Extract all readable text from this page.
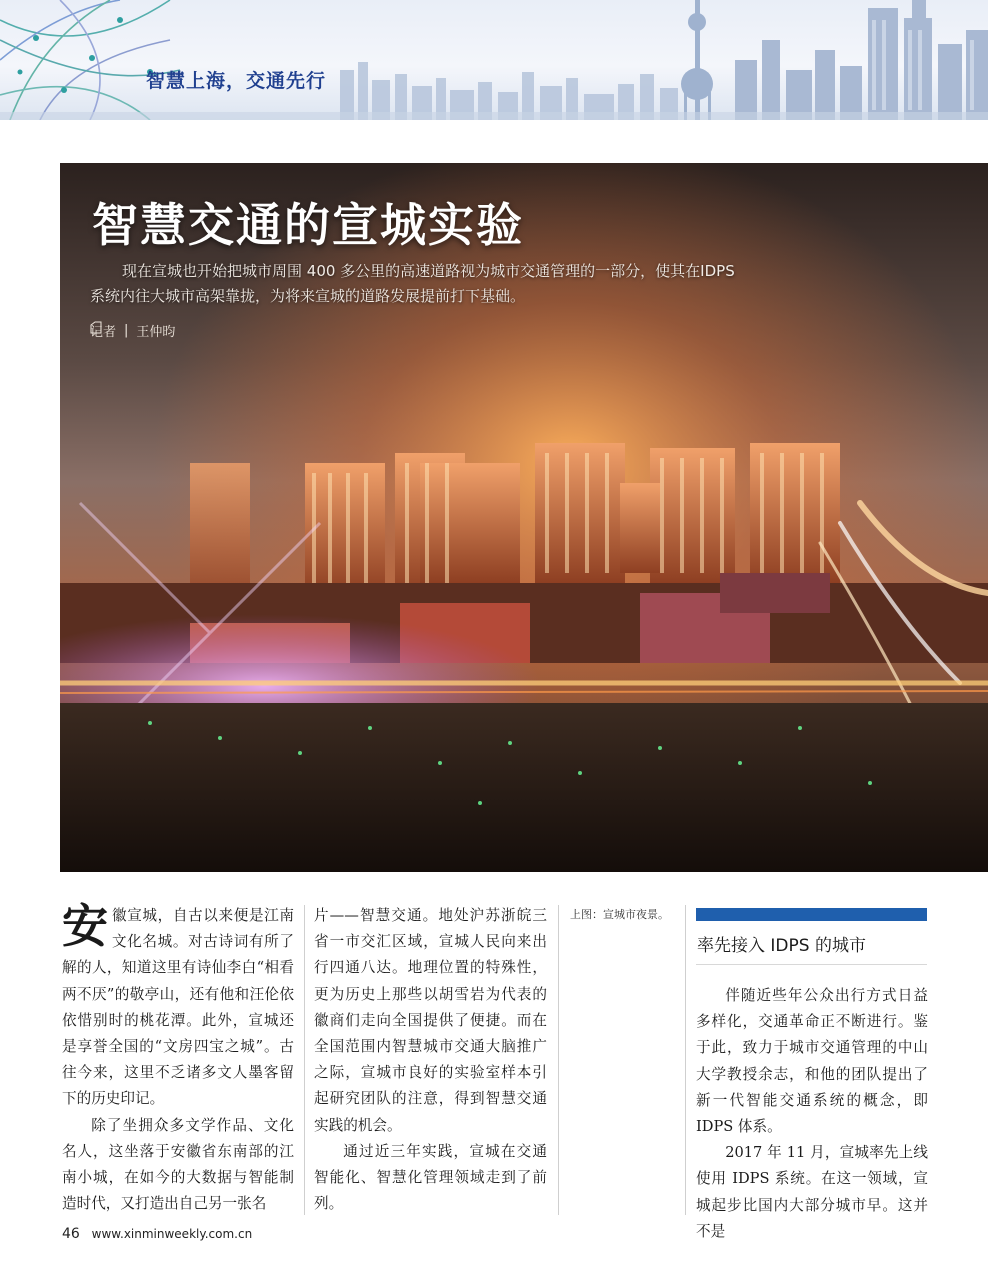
智慧上海，交通先行
智慧交通的宣城实验

现在宣城也开始把城市周围 400 多公里的高速道路视为城市交通管理的一部分，使其在IDPS 系统内往大城市高架靠拢，为将来宣城的道路发展提前打下基础。

记者 | 王仲昀

安徽宣城，自古以来便是江南文化名城。对古诗词有所了解的人，知道这里有诗仙李白“相看两不厌”的敬亭山，还有他和汪伦依依惜别时的桃花潭。此外，宣城还是享誉全国的“文房四宝之城”。古往今来，这里不乏诸多文人墨客留下的历史印记。

除了坐拥众多文学作品、文化名人，这坐落于安徽省东南部的江南小城，在如今的大数据与智能制造时代，又打造出自己另一张名

片——智慧交通。地处沪苏浙皖三省一市交汇区域，宣城人民向来出行四通八达。地理位置的特殊性，更为历史上那些以胡雪岩为代表的徽商们走向全国提供了便捷。而在全国范围内智慧城市交通大脑推广之际，宣城市良好的实验室样本引起研究团队的注意，得到智慧交通实践的机会。

通过近三年实践，宣城在交通智能化、智慧化管理领域走到了前列。

上图：宣城市夜景。
率先接入 IDPS 的城市

伴随近些年公众出行方式日益多样化，交通革命正不断进行。鉴于此，致力于城市交通管理的中山大学教授余志，和他的团队提出了新一代智能交通系统的概念，即IDPS 体系。

2017 年 11 月，宣城率先上线使用 IDPS 系统。在这一领域，宣城起步比国内大部分城市早。这并不是

46 www.xinminweekly.com.cn
